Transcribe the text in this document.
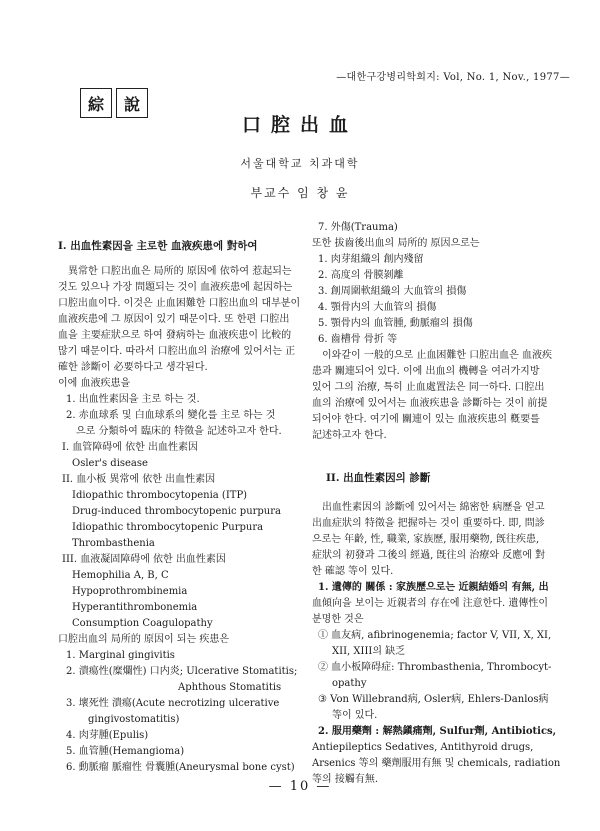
—대한구강병리학회지: Vol, No. 1, Nov., 1977—
綜	說
口腔出血
서울대학교 치과대학
부교수 임 창 윤

I. 出血性素因을 主로한 血液疾患에 對하여

異常한 口腔出血은 局所的 原因에 依하여 惹起되는

것도 있으나 가장 問題되는 것이 血液疾患에 起因하는

口腔出血이다. 이것은 止血困難한 口腔出血의 대부분이

血液疾患에 그 原因이 있기 때문이다. 또 한편 口腔出

血을 主要症狀으로 하여 發病하는 血液疾患이 比較的

많기 때문이다. 따라서 口腔出血의 治療에 있어서는 正

確한 診斷이 必要하다고 생각된다.

이에 血液疾患을

1. 出血性素因을 主로 하는 것.

2. 赤血球系 및 白血球系의 變化를 主로 하는 것

으로 分類하여 臨床的 特徵을 記述하고자 한다.

I. 血管障碍에 依한 出血性素因

Osler's disease

II. 血小板 異常에 依한 出血性素因

Idiopathic thrombocytopenia (ITP)

Drug-induced thrombocytopenic purpura

Idiopathic thrombocytopenic Purpura

Thrombasthenia

III. 血液凝固障碍에 依한 出血性素因

Hemophilia A, B, C

Hypoprothrombinemia

Hyperantithrombonemia

Consumption Coagulopathy

口腔出血의 局所的 原因이 되는 疾患은

1. Marginal gingivitis

2. 潰瘍性(糜爛性) 口内炎; Ulcerative Stomatitis;

Aphthous Stomatitis

3. 壞死性 潰瘍(Acute necrotizing ulcerative

gingivostomatitis)

4. 肉芽腫(Epulis)

5. 血管腫(Hemangioma)

6. 動脈瘤 脈瘤性 骨囊腫(Aneurysmal bone cyst)

7. 外傷(Trauma)

또한 拔齒後出血의 局所的 原因으로는

1. 肉芽組織의 創内殘留

2. 高度의 骨膜剝離

3. 創周圍軟組織의 大血管의 損傷

4. 顎骨内의 大血管의 損傷

5. 顎骨内의 血管腫, 動脈瘤의 損傷

6. 齒槽骨 骨折 等

이와같이 一般的으로 止血困難한 口腔出血은 血液疾

患과 關連되어 있다. 이에 出血의 機轉을 여러가지방

있어 그의 治療, 특히 止血處置法은 同一하다. 口腔出

血의 治療에 있어서는 血液疾患을 診斷하는 것이 前提

되어야 한다. 여기에 關連이 있는 血液疾患의 槪要를

記述하고자 한다.

II. 出血性素因의 診斷

出血性素因의 診斷에 있어서는 綿密한 病歷을 얻고

出血症狀의 特徵을 把握하는 것이 重要하다. 即, 問診

으로는 年齡, 性, 職業, 家族歷, 服用藥物, 旣往疾患,

症狀의 初發과 그後의 經過, 旣往의 治療와 反應에 對

한 確認 等이 있다.

1. 遺傳的 關係 : 家族歷으로는 近親結婚의 有無, 出

血傾向을 보이는 近親者의 存在에 注意한다. 遺傳性이

분명한 것은

① 血友病, afibrinogenemia; factor V, VII, X, XI,

XII, XIII의 缺乏

② 血小板障碍症: Thrombasthenia, Thrombocyt-

opathy

③ Von Willebrand病, Osler病, Ehlers-Danlos病

等이 있다.

2. 服用藥劑 : 解熱鎭痛劑, Sulfur劑, Antibiotics,

Antiepileptics Sedatives, Antithyroid drugs,

Arsenics 等의 藥劑服用有無 및 chemicals, radiation

等의 接觸有無.

— 10 —
